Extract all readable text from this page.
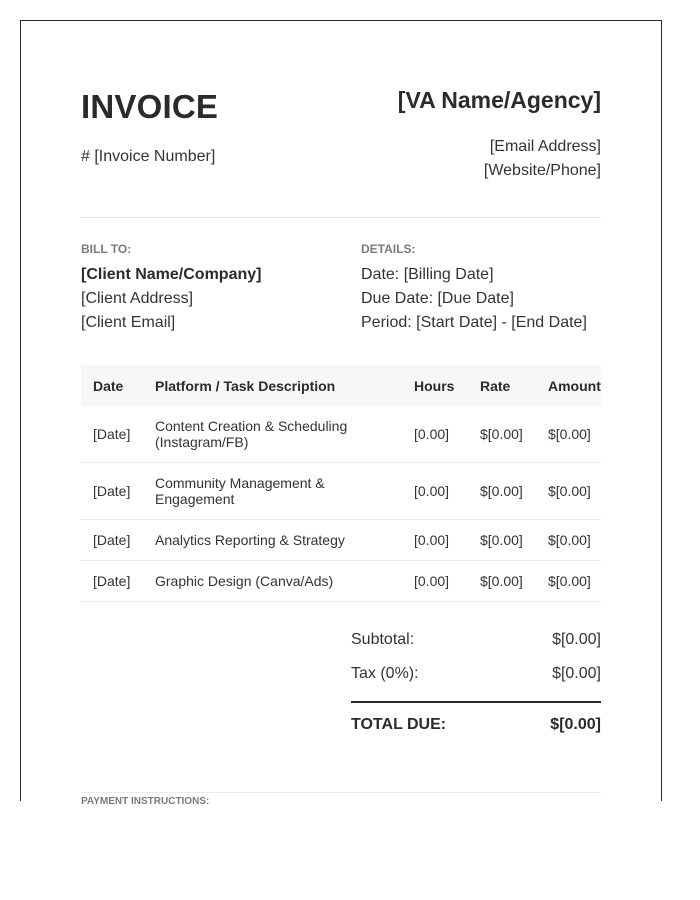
INVOICE
# [Invoice Number]
[VA Name/Agency]
[Email Address]
[Website/Phone]
BILL TO:
[Client Name/Company]
[Client Address]
[Client Email]
DETAILS:
Date: [Billing Date]
Due Date: [Due Date]
Period: [Start Date] - [End Date]
Date	Platform / Task Description	Hours	Rate	Amount
[Date]	Content Creation & Scheduling (Instagram/FB)	[0.00]	$[0.00]	$[0.00]
[Date]	Community Management & Engagement	[0.00]	$[0.00]	$[0.00]
[Date]	Analytics Reporting & Strategy	[0.00]	$[0.00]	$[0.00]
[Date]	Graphic Design (Canva/Ads)	[0.00]	$[0.00]	$[0.00]
Subtotal:	$[0.00]
Tax (0%):	$[0.00]
TOTAL DUE:	$[0.00]
PAYMENT INSTRUCTIONS:
